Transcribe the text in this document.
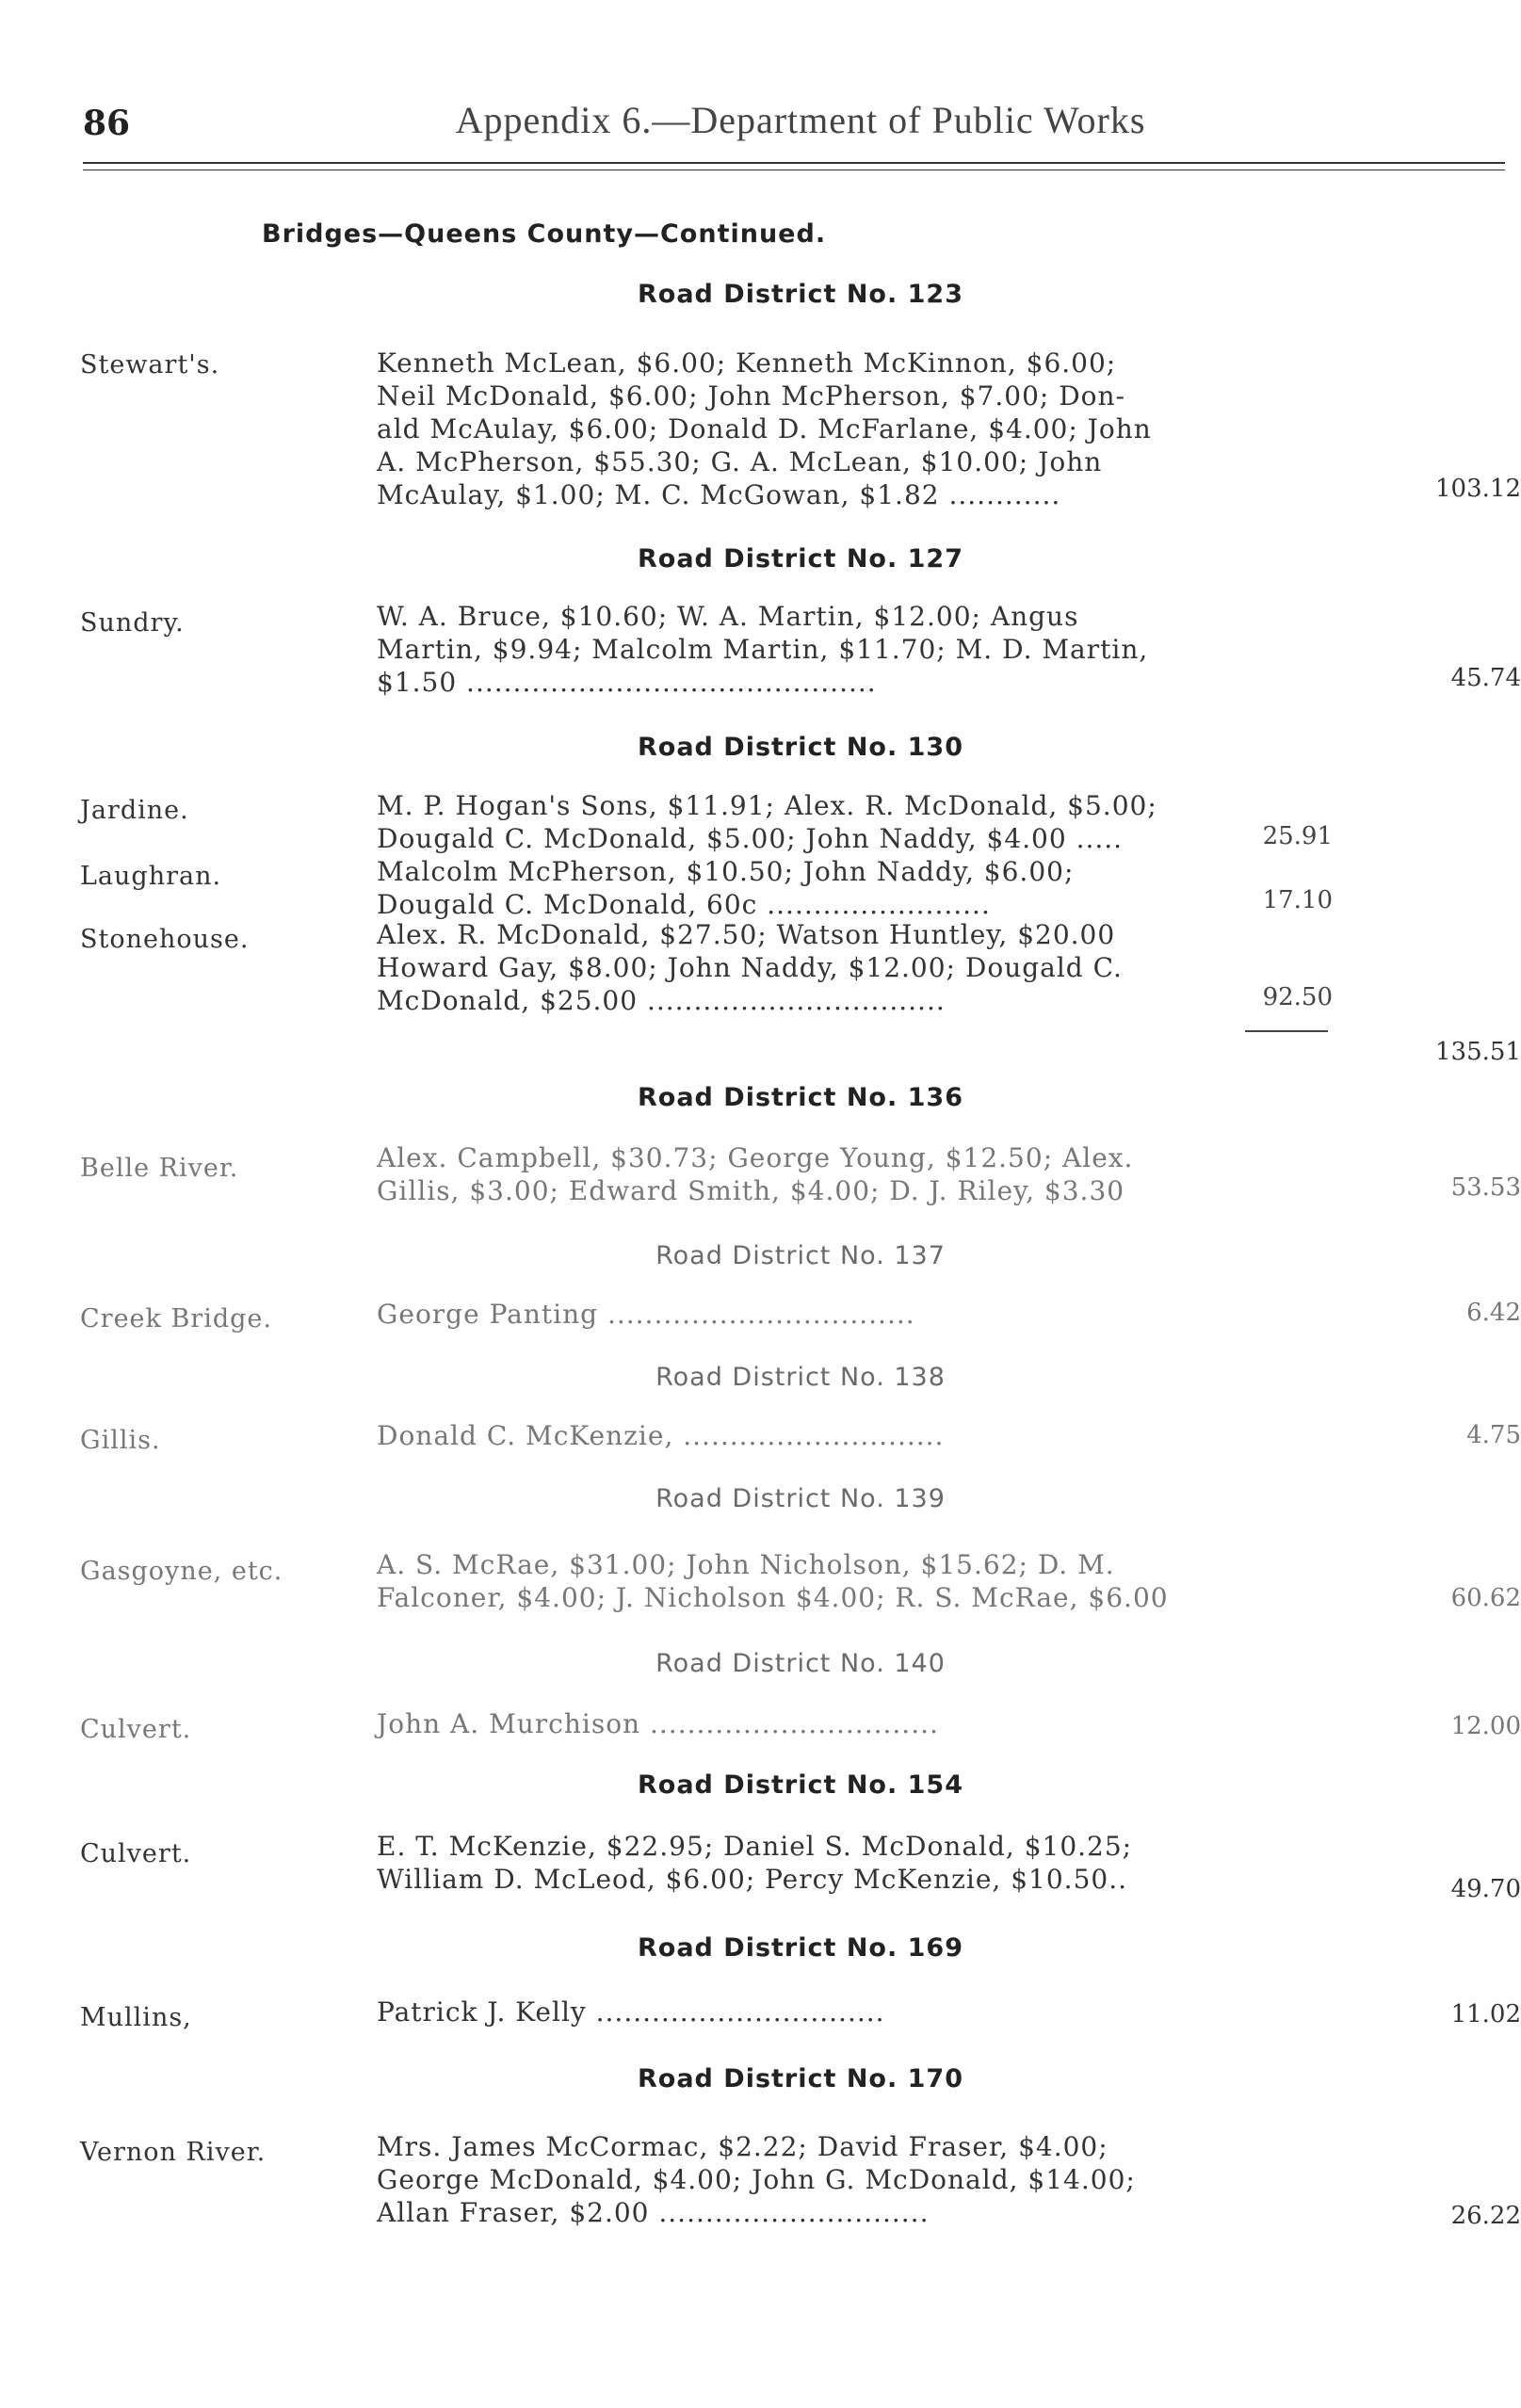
86	Appendix 6.—Department of Public Works
Bridges—Queens County—Continued.
Road District No. 123
Stewart's.	Kenneth McLean, $6.00; Kenneth McKinnon, $6.00;
Neil McDonald, $6.00; John McPherson, $7.00; Don-
ald McAulay, $6.00; Donald D. McFarlane, $4.00; John
A. McPherson, $55.30; G. A. McLean, $10.00; John
McAulay, $1.00; M. C. McGowan, $1.82 ............	103.12
Road District No. 127
Sundry.	W. A. Bruce, $10.60; W. A. Martin, $12.00; Angus
Martin, $9.94; Malcolm Martin, $11.70; M. D. Martin,
$1.50 ............................................	45.74
Road District No. 130
Jardine.	M. P. Hogan's Sons, $11.91; Alex. R. McDonald, $5.00;
Dougald C. McDonald, $5.00; John Naddy, $4.00 .....	25.91
Laughran.	Malcolm McPherson, $10.50; John Naddy, $6.00;
Dougald C. McDonald, 60c ........................	17.10
Stonehouse.	Alex. R. McDonald, $27.50; Watson Huntley, $20.00
Howard Gay, $8.00; John Naddy, $12.00; Dougald C.
McDonald, $25.00 ................................	92.50
135.51
Road District No. 136
Belle River.	Alex. Campbell, $30.73; George Young, $12.50; Alex.
Gillis, $3.00; Edward Smith, $4.00; D. J. Riley, $3.30	53.53
Road District No. 137
Creek Bridge.	George Panting .................................	6.42
Road District No. 138
Gillis.	Donald C. McKenzie, ............................	4.75
Road District No. 139
Gasgoyne, etc.	A. S. McRae, $31.00; John Nicholson, $15.62; D. M.
Falconer, $4.00; J. Nicholson $4.00; R. S. McRae, $6.00	60.62
Road District No. 140
Culvert.	John A. Murchison ...............................	12.00
Road District No. 154
Culvert.	E. T. McKenzie, $22.95; Daniel S. McDonald, $10.25;
William D. McLeod, $6.00; Percy McKenzie, $10.50..	49.70
Road District No. 169
Mullins,	Patrick J. Kelly ...............................	11.02
Road District No. 170
Vernon River.	Mrs. James McCormac, $2.22; David Fraser, $4.00;
George McDonald, $4.00; John G. McDonald, $14.00;
Allan Fraser, $2.00 .............................	26.22
